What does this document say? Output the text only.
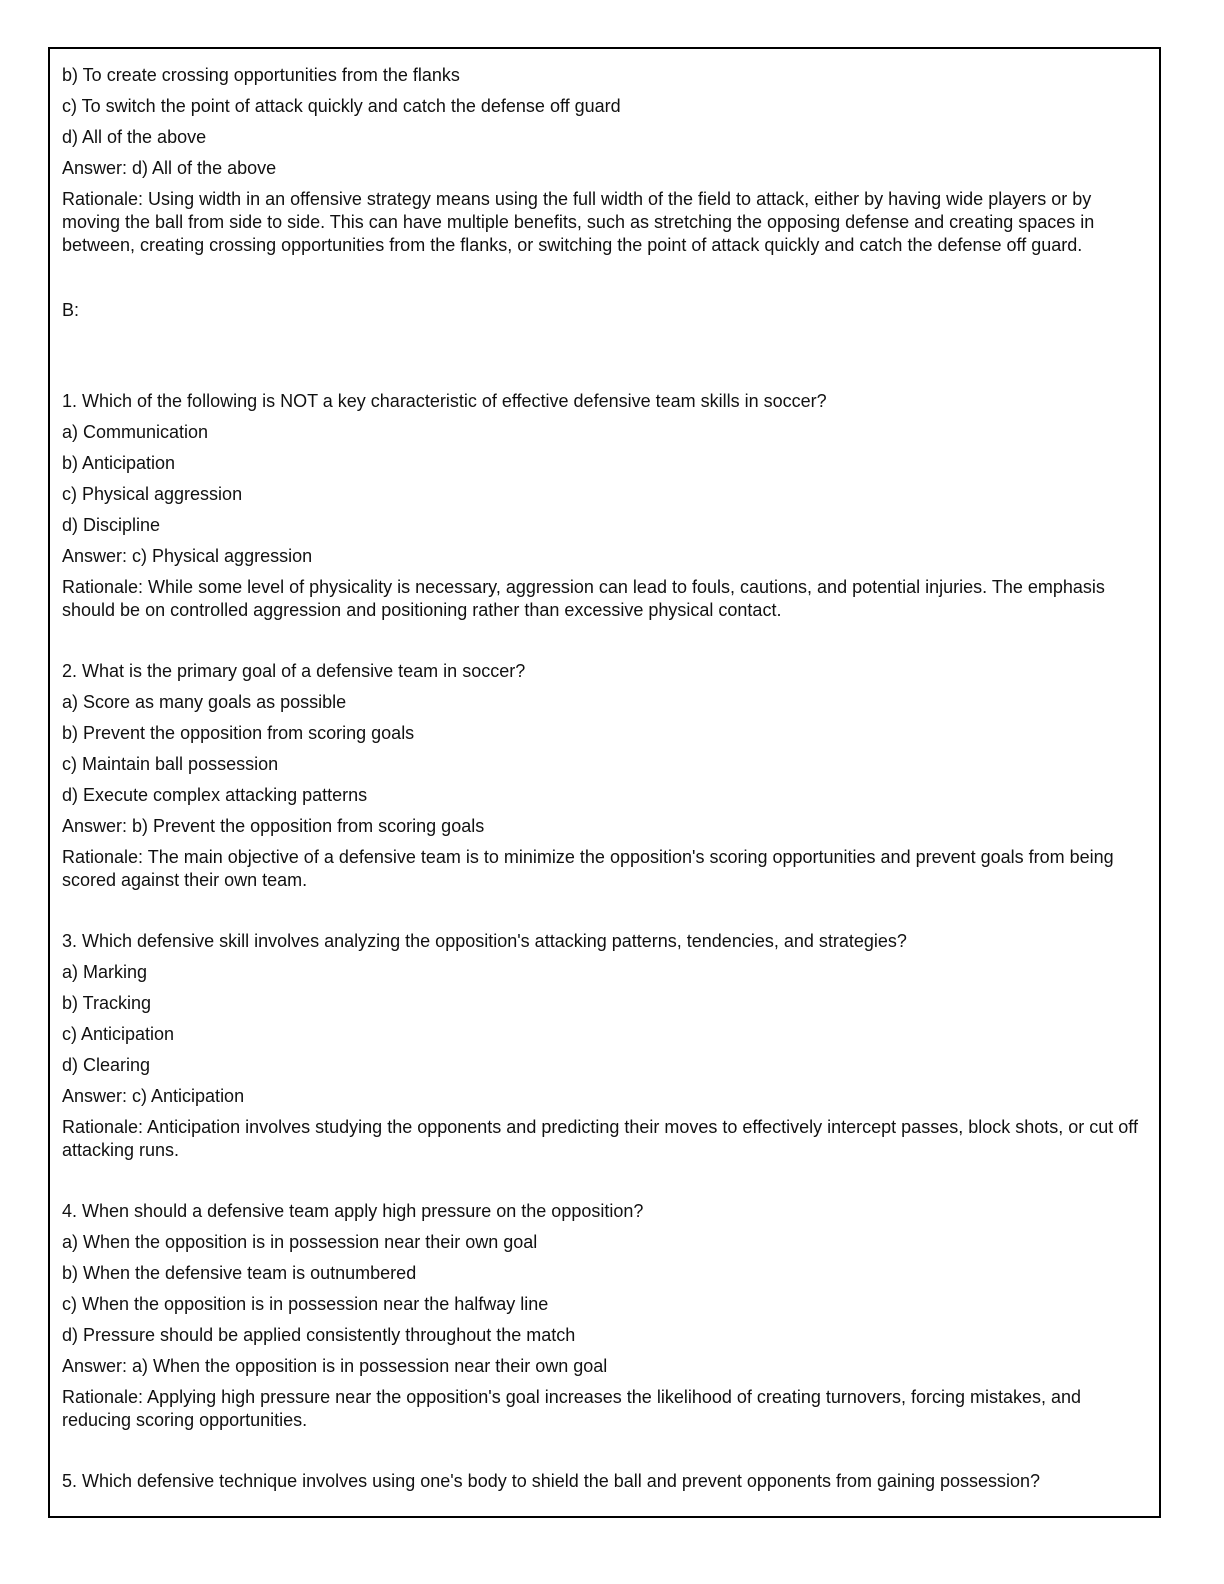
b) To create crossing opportunities from the flanks

c) To switch the point of attack quickly and catch the defense off guard

d) All of the above

Answer: d) All of the above

Rationale: Using width in an offensive strategy means using the full width of the field to attack, either by having wide players or by moving the ball from side to side. This can have multiple benefits, such as stretching the opposing defense and creating spaces in between, creating crossing opportunities from the flanks, or switching the point of attack quickly and catch the defense off guard.

B:

1. Which of the following is NOT a key characteristic of effective defensive team skills in soccer?

a) Communication

b) Anticipation

c) Physical aggression

d) Discipline

Answer: c) Physical aggression

Rationale: While some level of physicality is necessary, aggression can lead to fouls, cautions, and potential injuries. The emphasis should be on controlled aggression and positioning rather than excessive physical contact.

2. What is the primary goal of a defensive team in soccer?

a) Score as many goals as possible

b) Prevent the opposition from scoring goals

c) Maintain ball possession

d) Execute complex attacking patterns

Answer: b) Prevent the opposition from scoring goals

Rationale: The main objective of a defensive team is to minimize the opposition's scoring opportunities and prevent goals from being scored against their own team.

3. Which defensive skill involves analyzing the opposition's attacking patterns, tendencies, and strategies?

a) Marking

b) Tracking

c) Anticipation

d) Clearing

Answer: c) Anticipation

Rationale: Anticipation involves studying the opponents and predicting their moves to effectively intercept passes, block shots, or cut off attacking runs.

4. When should a defensive team apply high pressure on the opposition?

a) When the opposition is in possession near their own goal

b) When the defensive team is outnumbered

c) When the opposition is in possession near the halfway line

d) Pressure should be applied consistently throughout the match

Answer: a) When the opposition is in possession near their own goal

Rationale: Applying high pressure near the opposition's goal increases the likelihood of creating turnovers, forcing mistakes, and reducing scoring opportunities.

5. Which defensive technique involves using one's body to shield the ball and prevent opponents from gaining possession?
